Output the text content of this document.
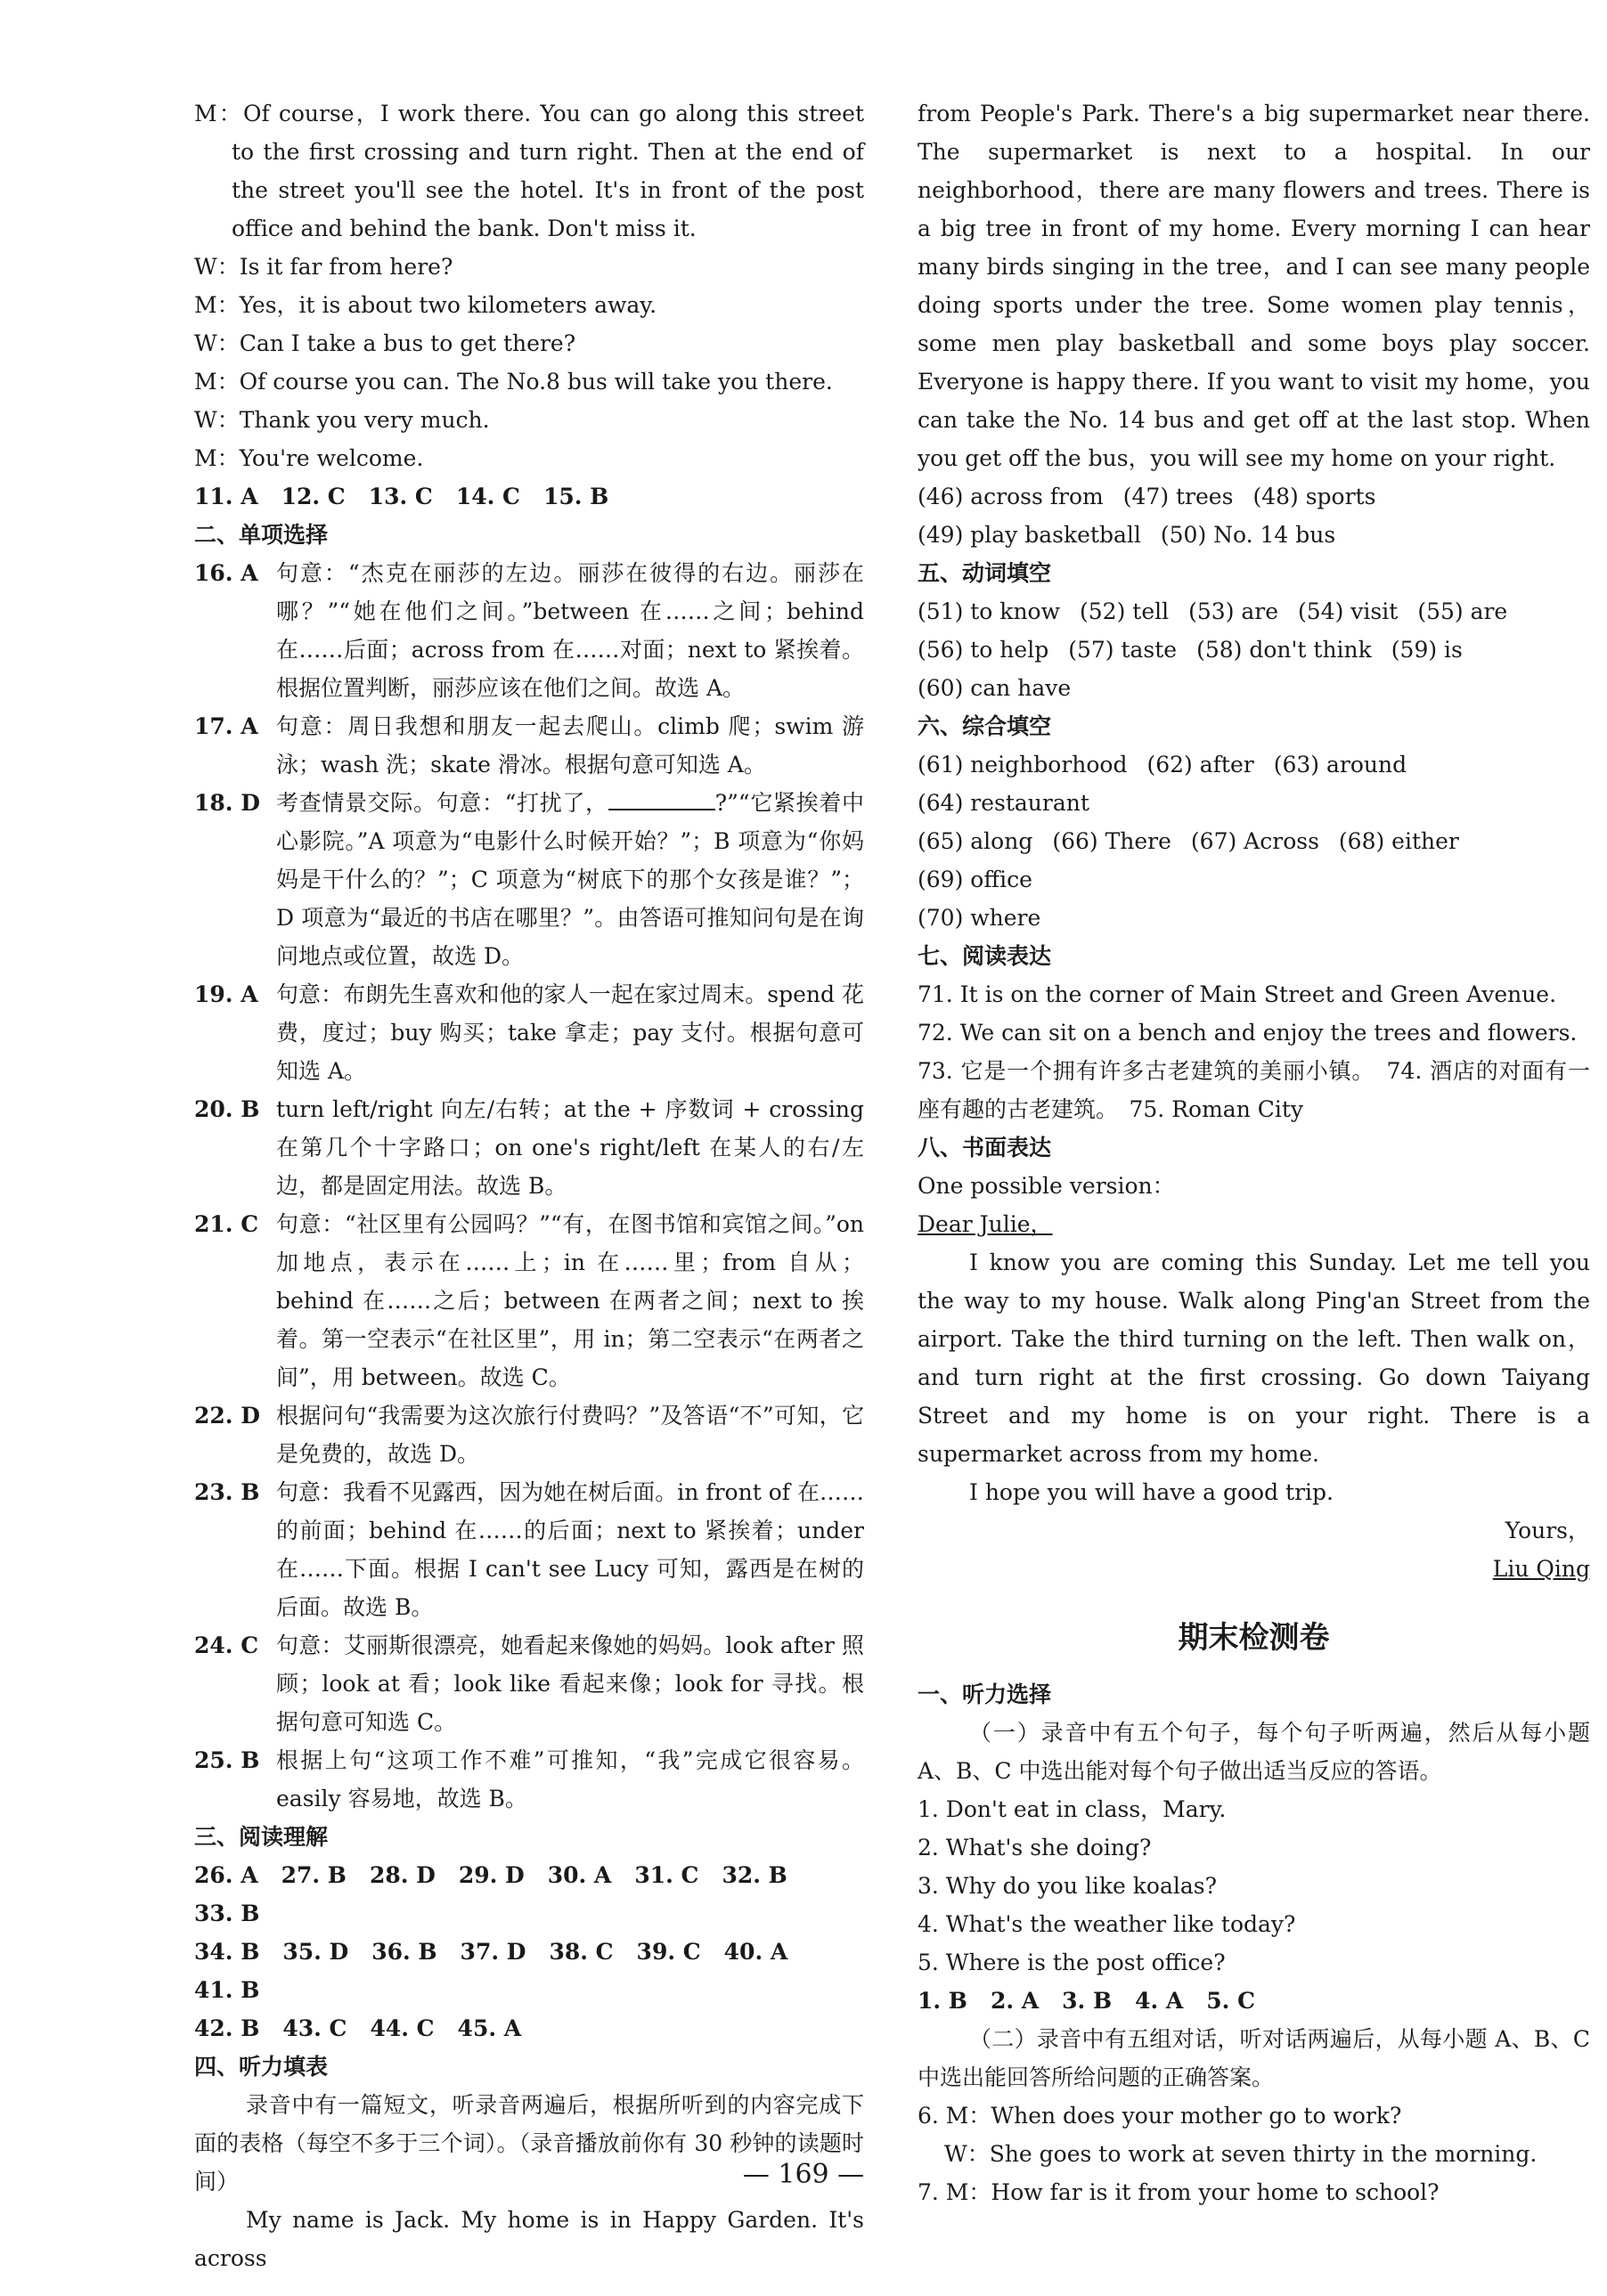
M：Of course，I work there. You can go along this street to the first crossing and turn right. Then at the end of the street you'll see the hotel. It's in front of the post office and behind the bank. Don't miss it.
W：Is it far from here?
M：Yes，it is about two kilometers away.
W：Can I take a bus to get there?
M：Of course you can. The No.8 bus will take you there.
W：Thank you very much.
M：You're welcome.
11. A 12. C 13. C 14. C 15. B
二、单项选择
16. A 句意：“杰克在丽莎的左边。丽莎在彼得的右边。丽莎在哪？”“她在他们之间。”between 在……之间；behind 在……后面；across from 在……对面；next to 紧挨着。根据位置判断，丽莎应该在他们之间。故选 A。
17. A 句意：周日我想和朋友一起去爬山。climb 爬；swim 游泳；wash 洗；skate 滑冰。根据句意可知选 A。
18. D 考查情景交际。句意：“打扰了，	?”“它紧挨着中心影院。”A 项意为“电影什么时候开始？”；B 项意为“你妈妈是干什么的？”；C 项意为“树底下的那个女孩是谁？”；D 项意为“最近的书店在哪里？”。由答语可推知问句是在询问地点或位置，故选 D。
19. A 句意：布朗先生喜欢和他的家人一起在家过周末。spend 花费，度过；buy 购买；take 拿走；pay 支付。根据句意可知选 A。
20. B turn left/right 向左/右转；at the + 序数词 + crossing 在第几个十字路口；on one's right/left 在某人的右/左边，都是固定用法。故选 B。
21. C 句意：“社区里有公园吗？”“有，在图书馆和宾馆之间。”on 加地点，表示在……上；in 在……里；from 自从；behind 在……之后；between 在两者之间；next to 挨着。第一空表示“在社区里”，用 in；第二空表示“在两者之间”，用 between。故选 C。
22. D 根据问句“我需要为这次旅行付费吗？”及答语“不”可知，它是免费的，故选 D。
23. B 句意：我看不见露西，因为她在树后面。in front of 在……的前面；behind 在……的后面；next to 紧挨着；under 在……下面。根据 I can't see Lucy 可知，露西是在树的后面。故选 B。
24. C 句意：艾丽斯很漂亮，她看起来像她的妈妈。look after 照顾；look at 看；look like 看起来像；look for 寻找。根据句意可知选 C。
25. B 根据上句“这项工作不难”可推知，“我”完成它很容易。easily 容易地，故选 B。
三、阅读理解
26. A 27. B 28. D 29. D 30. A 31. C 32. B
33. B
34. B 35. D 36. B 37. D 38. C 39. C 40. A
41. B
42. B 43. C 44. C 45. A
四、听力填表
录音中有一篇短文，听录音两遍后，根据所听到的内容完成下面的表格（每空不多于三个词）。（录音播放前你有 30 秒钟的读题时间）
My name is Jack. My home is in Happy Garden. It's across
from People's Park. There's a big supermarket near there. The supermarket is next to a hospital. In our neighborhood，there are many flowers and trees. There is a big tree in front of my home. Every morning I can hear many birds singing in the tree，and I can see many people doing sports under the tree. Some women play tennis，some men play basketball and some boys play soccer. Everyone is happy there. If you want to visit my home，you can take the No. 14 bus and get off at the last stop. When you get off the bus，you will see my home on your right.
(46) across from (47) trees (48) sports
(49) play basketball (50) No. 14 bus
五、动词填空
(51) to know (52) tell (53) are (54) visit (55) are
(56) to help (57) taste (58) don't think (59) is
(60) can have
六、综合填空
(61) neighborhood (62) after (63) around
(64) restaurant
(65) along (66) There (67) Across (68) either
(69) office
(70) where
七、阅读表达
71. It is on the corner of Main Street and Green Avenue.
72. We can sit on a bench and enjoy the trees and flowers.
73. 它是一个拥有许多古老建筑的美丽小镇。　74. 酒店的对面有一座有趣的古老建筑。　75. Roman City
八、书面表达
One possible version：
Dear Julie，
I know you are coming this Sunday. Let me tell you the way to my house. Walk along Ping'an Street from the airport. Take the third turning on the left. Then walk on，and turn right at the first crossing. Go down Taiyang Street and my home is on your right. There is a supermarket across from my home.
I hope you will have a good trip.
Yours，
Liu Qing
期末检测卷
一、听力选择
（一）录音中有五个句子，每个句子听两遍，然后从每小题 A、B、C 中选出能对每个句子做出适当反应的答语。
1. Don't eat in class，Mary.
2. What's she doing?
3. Why do you like koalas?
4. What's the weather like today?
5. Where is the post office?
1. B 2. A 3. B 4. A 5. C
（二）录音中有五组对话，听对话两遍后，从每小题 A、B、C 中选出能回答所给问题的正确答案。
6. M：When does your mother go to work?
W：She goes to work at seven thirty in the morning.
7. M：How far is it from your home to school?
— 169 —
